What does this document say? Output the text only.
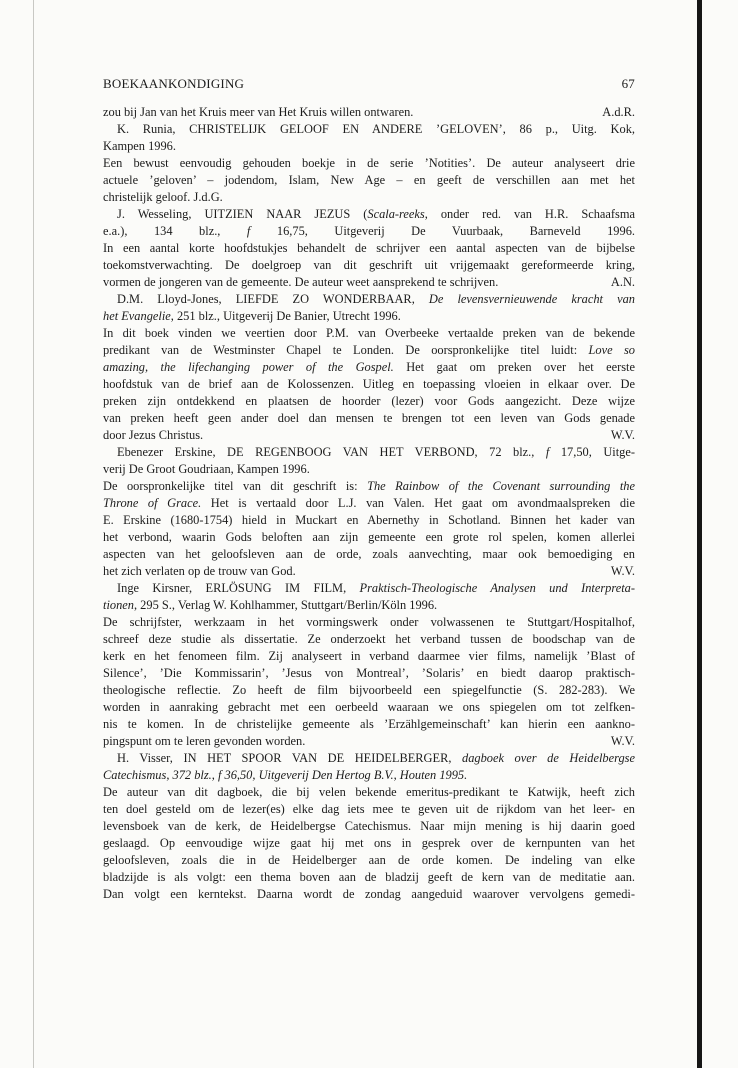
BOEKAANKONDIGING	67
zou bij Jan van het Kruis meer van Het Kruis willen ontwaren.	A.d.R.
K. Runia, CHRISTELIJK GELOOF EN ANDERE ’GELOVEN’, 86 p., Uitg. Kok,
Kampen 1996.
Een bewust eenvoudig gehouden boekje in de serie ’Notities’. De auteur analyseert drie
actuele ’geloven’ – jodendom, Islam, New Age – en geeft de verschillen aan met het
christelijk geloof. J.d.G.
J. Wesseling, UITZIEN NAAR JEZUS (Scala-reeks, onder red. van H.R. Schaafsma
e.a.), 134 blz., f 16,75, Uitgeverij De Vuurbaak, Barneveld 1996.
In een aantal korte hoofdstukjes behandelt de schrijver een aantal aspecten van de bijbelse
toekomstverwachting. De doelgroep van dit geschrift uit vrijgemaakt gereformeerde kring,
vormen de jongeren van de gemeente. De auteur weet aansprekend te schrijven.	A.N.
D.M. Lloyd-Jones, LIEFDE ZO WONDERBAAR, De levensvernieuwende kracht van
het Evangelie, 251 blz., Uitgeverij De Banier, Utrecht 1996.
In dit boek vinden we veertien door P.M. van Overbeeke vertaalde preken van de bekende
predikant van de Westminster Chapel te Londen. De oorspronkelijke titel luidt: Love so
amazing, the lifechanging power of the Gospel. Het gaat om preken over het eerste
hoofdstuk van de brief aan de Kolossenzen. Uitleg en toepassing vloeien in elkaar over. De
preken zijn ontdekkend en plaatsen de hoorder (lezer) voor Gods aangezicht. Deze wijze
van preken heeft geen ander doel dan mensen te brengen tot een leven van Gods genade
door Jezus Christus.	W.V.
Ebenezer Erskine, DE REGENBOOG VAN HET VERBOND, 72 blz., f 17,50, Uitge-
verij De Groot Goudriaan, Kampen 1996.
De oorspronkelijke titel van dit geschrift is: The Rainbow of the Covenant surrounding the
Throne of Grace. Het is vertaald door L.J. van Valen. Het gaat om avondmaalspreken die
E. Erskine (1680-1754) hield in Muckart en Abernethy in Schotland. Binnen het kader van
het verbond, waarin Gods beloften aan zijn gemeente een grote rol spelen, komen allerlei
aspecten van het geloofsleven aan de orde, zoals aanvechting, maar ook bemoediging en
het zich verlaten op de trouw van God.	W.V.
Inge Kirsner, ERLÖSUNG IM FILM, Praktisch-Theologische Analysen und Interpreta-
tionen, 295 S., Verlag W. Kohlhammer, Stuttgart/Berlin/Köln 1996.
De schrijfster, werkzaam in het vormingswerk onder volwassenen te Stuttgart/Hospitalhof,
schreef deze studie als dissertatie. Ze onderzoekt het verband tussen de boodschap van de
kerk en het fenomeen film. Zij analyseert in verband daarmee vier films, namelijk ’Blast of
Silence’, ’Die Kommissarin’, ’Jesus von Montreal’, ’Solaris’ en biedt daarop praktisch-
theologische reflectie. Zo heeft de film bijvoorbeeld een spiegelfunctie (S. 282-283). We
worden in aanraking gebracht met een oerbeeld waaraan we ons spiegelen om tot zelfken-
nis te komen. In de christelijke gemeente als ’Erzählgemeinschaft’ kan hierin een aankno-
pingspunt om te leren gevonden worden.	W.V.
H. Visser, IN HET SPOOR VAN DE HEIDELBERGER, dagboek over de Heidelbergse
Catechismus, 372 blz., f 36,50, Uitgeverij Den Hertog B.V., Houten 1995.
De auteur van dit dagboek, die bij velen bekende emeritus-predikant te Katwijk, heeft zich
ten doel gesteld om de lezer(es) elke dag iets mee te geven uit de rijkdom van het leer- en
levensboek van de kerk, de Heidelbergse Catechismus. Naar mijn mening is hij daarin goed
geslaagd. Op eenvoudige wijze gaat hij met ons in gesprek over de kernpunten van het
geloofsleven, zoals die in de Heidelberger aan de orde komen. De indeling van elke
bladzijde is als volgt: een thema boven aan de bladzij geeft de kern van de meditatie aan.
Dan volgt een kerntekst. Daarna wordt de zondag aangeduid waarover vervolgens gemedi-
